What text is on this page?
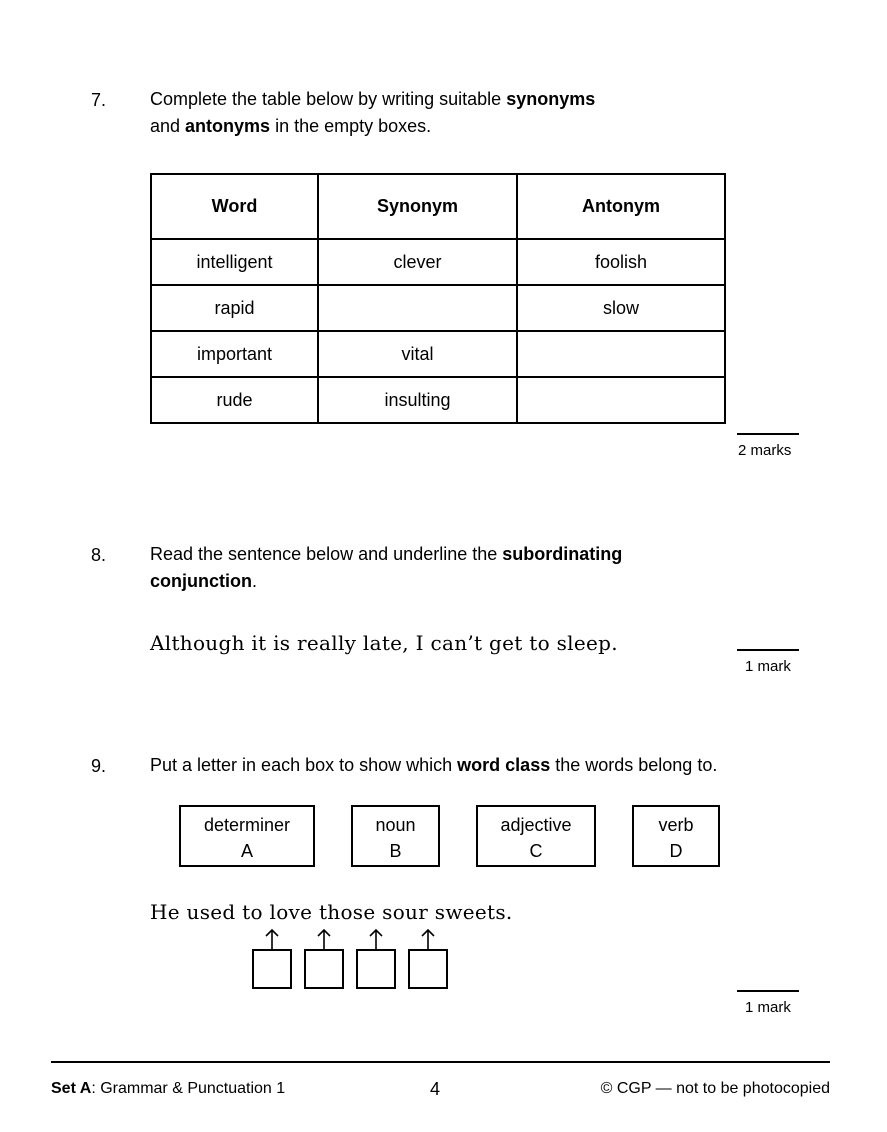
7. Complete the table below by writing suitable synonyms
and antonyms in the empty boxes.
Word	Synonym	Antonym
intelligent	clever	foolish
rapid		slow
important	vital	
rude	insulting	
2 marks
8. Read the sentence below and underline the subordinating
conjunction.
Although it is really late, I can’t get to sleep.
1 mark
9. Put a letter in each box to show which word class the words belong to.
determiner
A
noun
B
adjective
C
verb
D
He used to love those sour sweets.
1 mark
Set A: Grammar & Punctuation 1	4	© CGP — not to be photocopied
